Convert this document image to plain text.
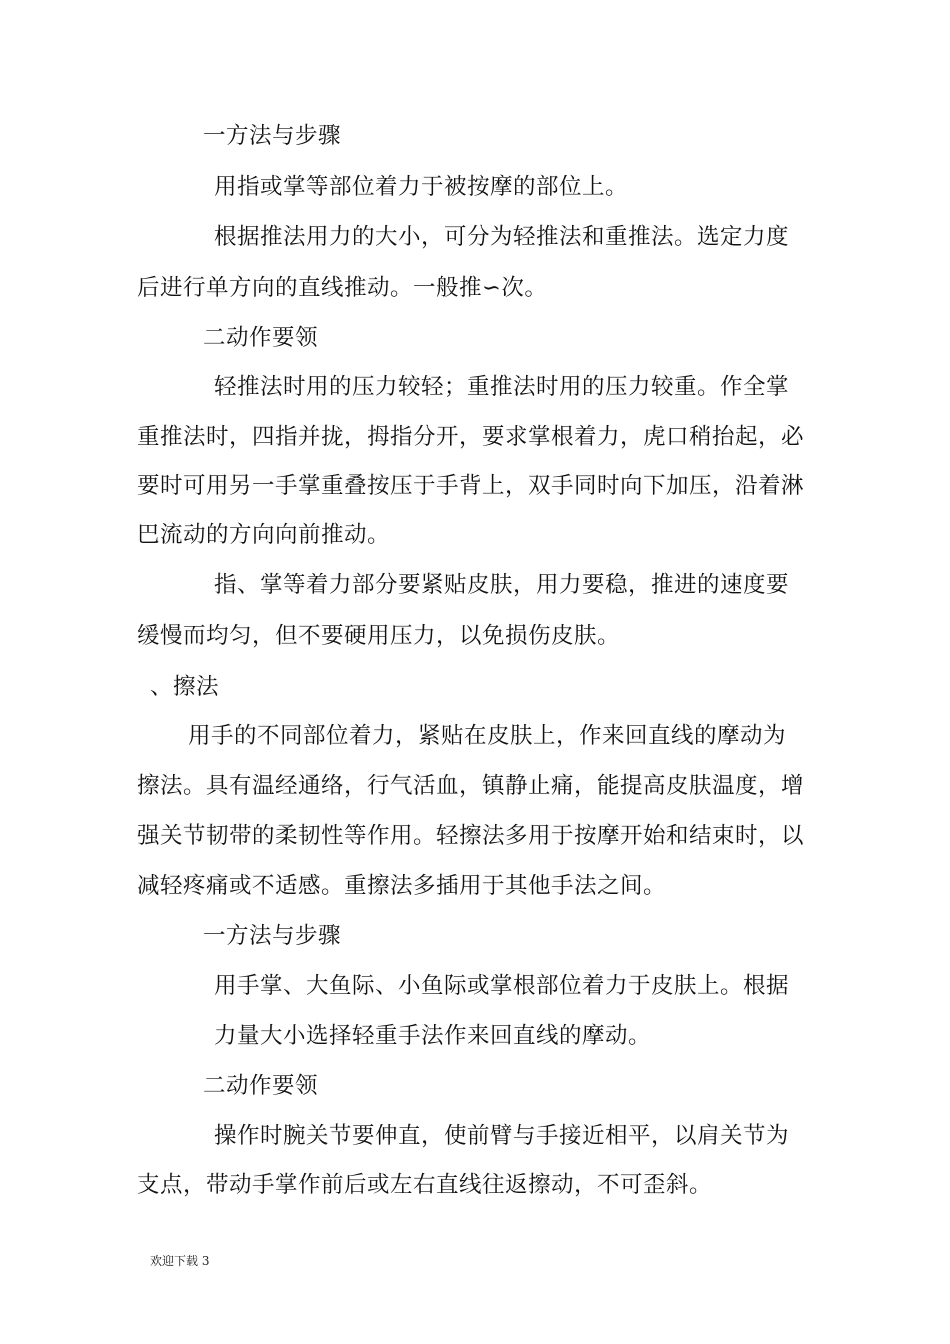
一方法与步骤
用指或掌等部位着力于被按摩的部位上。
根据推法用力的大小，可分为轻推法和重推法。选定力度
后进行单方向的直线推动。一般推∽次。
二动作要领
轻推法时用的压力较轻；重推法时用的压力较重。作全掌
重推法时，四指并拢，拇指分开，要求掌根着力，虎口稍抬起，必
要时可用另一手掌重叠按压于手背上，双手同时向下加压，沿着淋
巴流动的方向向前推动。
指、掌等着力部分要紧贴皮肤，用力要稳，推进的速度要
缓慢而均匀，但不要硬用压力，以免损伤皮肤。
、擦法
用手的不同部位着力，紧贴在皮肤上，作来回直线的摩动为
擦法。具有温经通络，行气活血，镇静止痛，能提高皮肤温度，增
强关节韧带的柔韧性等作用。轻擦法多用于按摩开始和结束时，以
减轻疼痛或不适感。重擦法多插用于其他手法之间。
一方法与步骤
用手掌、大鱼际、小鱼际或掌根部位着力于皮肤上。根据
力量大小选择轻重手法作来回直线的摩动。
二动作要领
操作时腕关节要伸直，使前臂与手接近相平，以肩关节为
支点，带动手掌作前后或左右直线往返擦动，不可歪斜。
欢迎下载 3
